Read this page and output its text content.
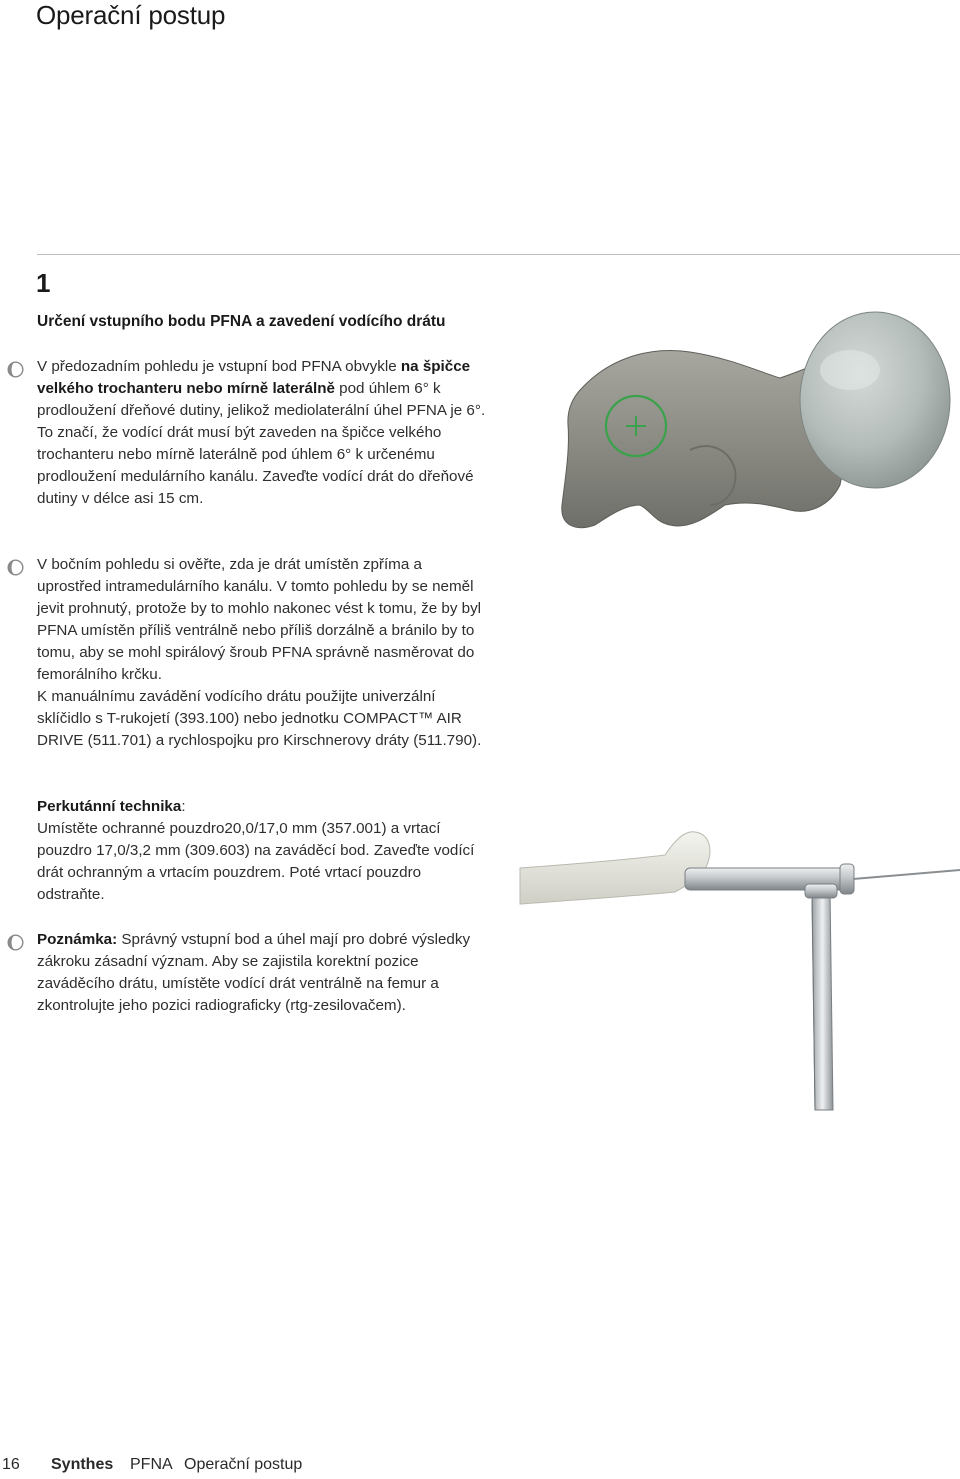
Operační postup
1
Určení vstupního bodu PFNA a zavedení vodícího drátu

V předozadním pohledu je vstupní bod PFNA obvykle na špičce velkého trochanteru nebo mírně laterálně pod úhlem 6° k prodloužení dřeňové dutiny, jelikož mediolaterální úhel PFNA je 6°.

To značí, že vodící drát musí být zaveden na špičce velkého trochanteru nebo mírně laterálně pod úhlem 6° k určenému prodloužení medulárního kanálu. Zaveďte vodící drát do dřeňové dutiny v délce asi 15 cm.

V bočním pohledu si ověřte, zda je drát umístěn zpříma a uprostřed intramedulárního kanálu. V tomto pohledu by se neměl jevit prohnutý, protože by to mohlo nakonec vést k tomu, že by byl PFNA umístěn příliš ventrálně nebo příliš dorzálně a bránilo by to tomu, aby se mohl spirálový šroub PFNA správně nasměrovat do femorálního krčku.

K manuálnímu zavádění vodícího drátu použijte univerzální sklíčidlo s T-rukojetí (393.100) nebo jednotku COMPACT™ AIR DRIVE (511.701) a rychlospojku pro Kirschnerovy dráty (511.790).

Perkutánní technika:

Umístěte ochranné pouzdro20,0/17,0 mm (357.001) a vrtací pouzdro 17,0/3,2 mm (309.603) na zaváděcí bod. Zaveďte vodící drát ochranným a vrtacím pouzdrem. Poté vrtací pouzdro odstraňte.

Poznámka: Správný vstupní bod a úhel mají pro dobré výsledky zákroku zásadní význam. Aby se zajistila korektní pozice zaváděcího drátu, umístěte vodící drát ventrálně na femur a zkontrolujte jeho pozici radiograficky (rtg-zesilovačem).

16 Synthes PFNA Operační postup
